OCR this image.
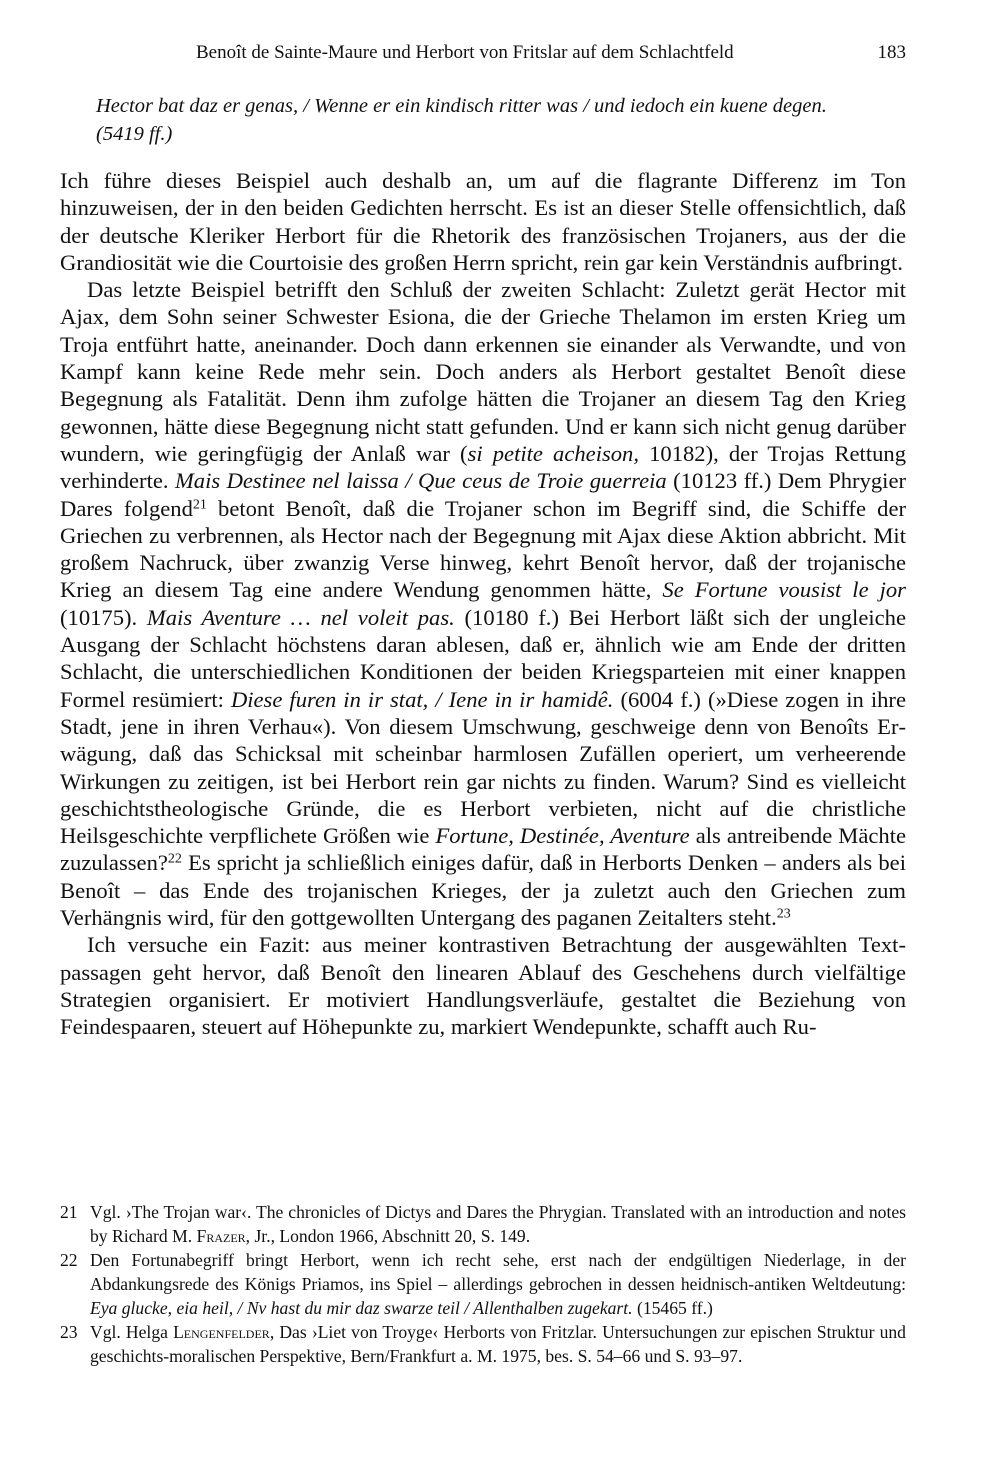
Benoît de Sainte-Maure und Herbort von Fritslar auf dem Schlachtfeld	183
Hector bat daz er genas, / Wenne er ein kindisch ritter was / und iedoch ein kuene degen.
(5419 ff.)

Ich führe dieses Beispiel auch deshalb an, um auf die flagrante Differenz im Ton hinzuweisen, der in den beiden Gedichten herrscht. Es ist an dieser Stelle offensichtlich, daß der deutsche Kleriker Herbort für die Rhetorik des französischen Trojaners, aus der die Grandiosität wie die Courtoisie des großen Herrn spricht, rein gar kein Verständnis aufbringt.

Das letzte Beispiel betrifft den Schluß der zweiten Schlacht: Zuletzt gerät Hector mit Ajax, dem Sohn seiner Schwester Esiona, die der Grieche Thelamon im ersten Krieg um Troja entführt hatte, aneinander. Doch dann erkennen sie einander als Verwandte, und von Kampf kann keine Rede mehr sein. Doch anders als Herbort gestaltet Benoît diese Begegnung als Fatalität. Denn ihm zufolge hätten die Trojaner an diesem Tag den Krieg gewonnen, hätte diese Begegnung nicht statt gefunden. Und er kann sich nicht genug darüber wundern, wie geringfügig der Anlaß war (si petite acheison, 10182), der Trojas Rettung verhinderte. Mais Destinee nel laissa / Que ceus de Troie guerreia (10123 ff.) Dem Phrygier Dares folgend$^{21}$ betont Benoît, daß die Trojaner schon im Begriff sind, die Schiffe der Griechen zu verbrennen, als Hector nach der Begegnung mit Ajax diese Aktion abbricht. Mit großem Nachruck, über zwanzig Verse hinweg, kehrt Benoît hervor, daß der trojanische Krieg an diesem Tag eine andere Wendung genommen hätte, Se Fortune vousist le jor (10175). Mais Aventure … nel voleit pas. (10180 f.) Bei Herbort läßt sich der ungleiche Ausgang der Schlacht höchstens daran ablesen, daß er, ähnlich wie am Ende der dritten Schlacht, die unterschiedlichen Konditionen der beiden Kriegsparteien mit einer knappen Formel resümiert: Diese furen in ir stat, / Iene in ir hamidê. (6004 f.) (»Diese zogen in ihre Stadt, jene in ihren Verhau«). Von diesem Umschwung, geschweige denn von Benoîts Erwägung, daß das Schicksal mit scheinbar harmlosen Zufällen operiert, um verheerende Wirkungen zu zeitigen, ist bei Herbort rein gar nichts zu finden. Warum? Sind es vielleicht geschichtstheologische Gründe, die es Herbort verbieten, nicht auf die christliche Heilsgeschichte verpflichete Größen wie Fortune, Destinée, Aventure als antreibende Mächte zuzulassen?$^{22}$ Es spricht ja schließlich einiges dafür, daß in Herborts Denken – anders als bei Benoît – das Ende des trojanischen Krieges, der ja zuletzt auch den Griechen zum Verhängnis wird, für den gottgewollten Untergang des paganen Zeitalters steht.$^{23}$

Ich versuche ein Fazit: aus meiner kontrastiven Betrachtung der ausgewählten Textpassagen geht hervor, daß Benoît den linearen Ablauf des Geschehens durch vielfältige Strategien organisiert. Er motiviert Handlungsverläufe, gestaltet die Beziehung von Feindespaaren, steuert auf Höhepunkte zu, markiert Wendepunkte, schafft auch Ru-

21 Vgl. ›The Trojan war‹. The chronicles of Dictys and Dares the Phrygian. Translated with an introduction and notes by Richard M. Frazer, Jr., London 1966, Abschnitt 20, S. 149.

22 Den Fortunabegriff bringt Herbort, wenn ich recht sehe, erst nach der endgültigen Niederlage, in der Abdankungsrede des Königs Priamos, ins Spiel – allerdings gebrochen in dessen heidnisch-antiken Weltdeutung: Eya glucke, eia heil, / Nv hast du mir daz swarze teil / Allenthalben zugekart. (15465 ff.)

23 Vgl. Helga Lengenfelder, Das ›Liet von Troyge‹ Herborts von Fritzlar. Untersuchungen zur epischen Struktur und geschichts-moralischen Perspektive, Bern/Frankfurt a. M. 1975, bes. S. 54–66 und S. 93–97.
